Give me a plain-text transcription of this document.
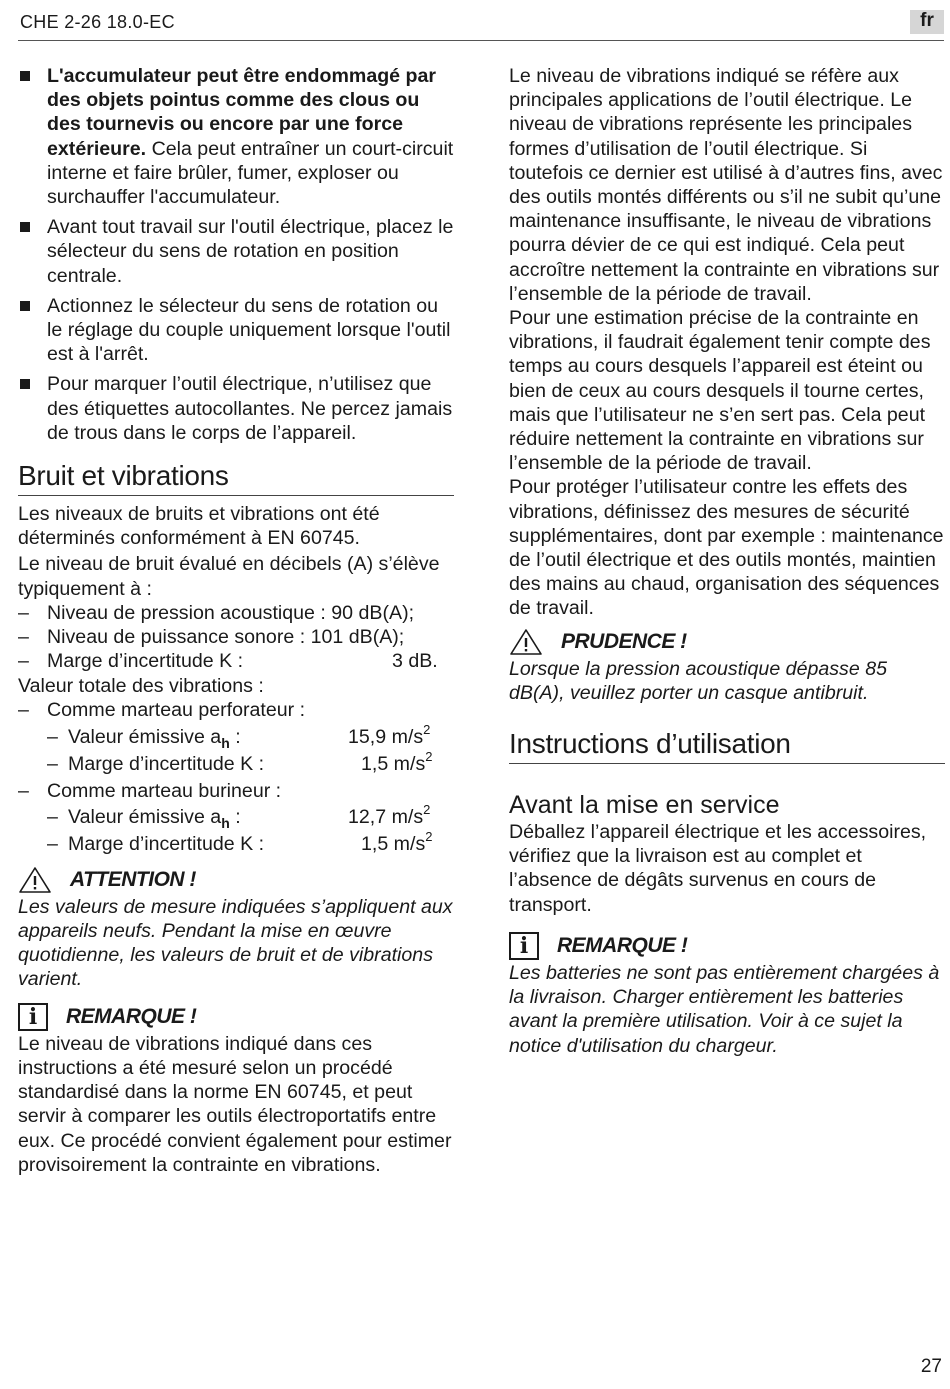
CHE 2-26 18.0-EC	fr
L'accumulateur peut être endommagé par des objets pointus comme des clous ou des tournevis ou encore par une force extérieure. Cela peut entraîner un court-circuit interne et faire brûler, fumer, exploser ou surchauffer l'accumulateur.
Avant tout travail sur l'outil électrique, placez le sélecteur du sens de rotation en position centrale.
Actionnez le sélecteur du sens de rotation ou le réglage du couple uniquement lorsque l'outil est à l'arrêt.
Pour marquer l’outil électrique, n’utilisez que des étiquettes autocollantes. Ne percez jamais de trous dans le corps de l’appareil.
Bruit et vibrations

Les niveaux de bruits et vibrations ont été déterminés conformément à EN 60745.

Le niveau de bruit évalué en décibels (A) s’élève typiquement à :

– Niveau de pression acoustique : 90 dB(A);
– Niveau de puissance sonore : 101 dB(A);
– Marge d’incertitude K :	3 dB.

Valeur totale des vibrations :

– Comme marteau perforateur :
– Valeur émissive $a_h$ :	15,9 $m/s^2$
– Marge d’incertitude K :	1,5 $m/s^2$
– Comme marteau burineur :
– Valeur émissive $a_h$ :	12,7 $m/s^2$
– Marge d’incertitude K :	1,5 $m/s^2$
ATTENTION !

Les valeurs de mesure indiquées s’appliquent aux appareils neufs. Pendant la mise en œuvre quotidienne, les valeurs de bruit et de vibrations varient.

i	REMARQUE !

Le niveau de vibrations indiqué dans ces instructions a été mesuré selon un procédé standardisé dans la norme EN 60745, et peut servir à comparer les outils électroportatifs entre eux. Ce procédé convient également pour estimer provisoirement la contrainte en vibrations.

Le niveau de vibrations indiqué se réfère aux principales applications de l’outil électrique. Le niveau de vibrations représente les principales formes d’utilisation de l’outil électrique. Si toutefois ce dernier est utilisé à d’autres fins, avec des outils montés différents ou s’il ne subit qu’une maintenance insuffisante, le niveau de vibrations pourra dévier de ce qui est indiqué. Cela peut accroître nettement la contrainte en vibrations sur l’ensemble de la période de travail.

Pour une estimation précise de la contrainte en vibrations, il faudrait également tenir compte des temps au cours desquels l’appareil est éteint ou bien de ceux au cours desquels il tourne certes, mais que l’utilisateur ne s’en sert pas. Cela peut réduire nettement la contrainte en vibrations sur l’ensemble de la période de travail.

Pour protéger l’utilisateur contre les effets des vibrations, définissez des mesures de sécurité supplémentaires, dont par exemple : maintenance de l’outil électrique et des outils montés, maintien des mains au chaud, organisation des séquences de travail.

PRUDENCE !

Lorsque la pression acoustique dépasse 85 dB(A), veuillez porter un casque antibruit.

Instructions d’utilisation
Avant la mise en service

Déballez l’appareil électrique et les accessoires, vérifiez que la livraison est au complet et l’absence de dégâts survenus en cours de transport.

i	REMARQUE !

Les batteries ne sont pas entièrement chargées à la livraison. Charger entièrement les batteries avant la première utilisation. Voir à ce sujet la notice d'utilisation du chargeur.

27
